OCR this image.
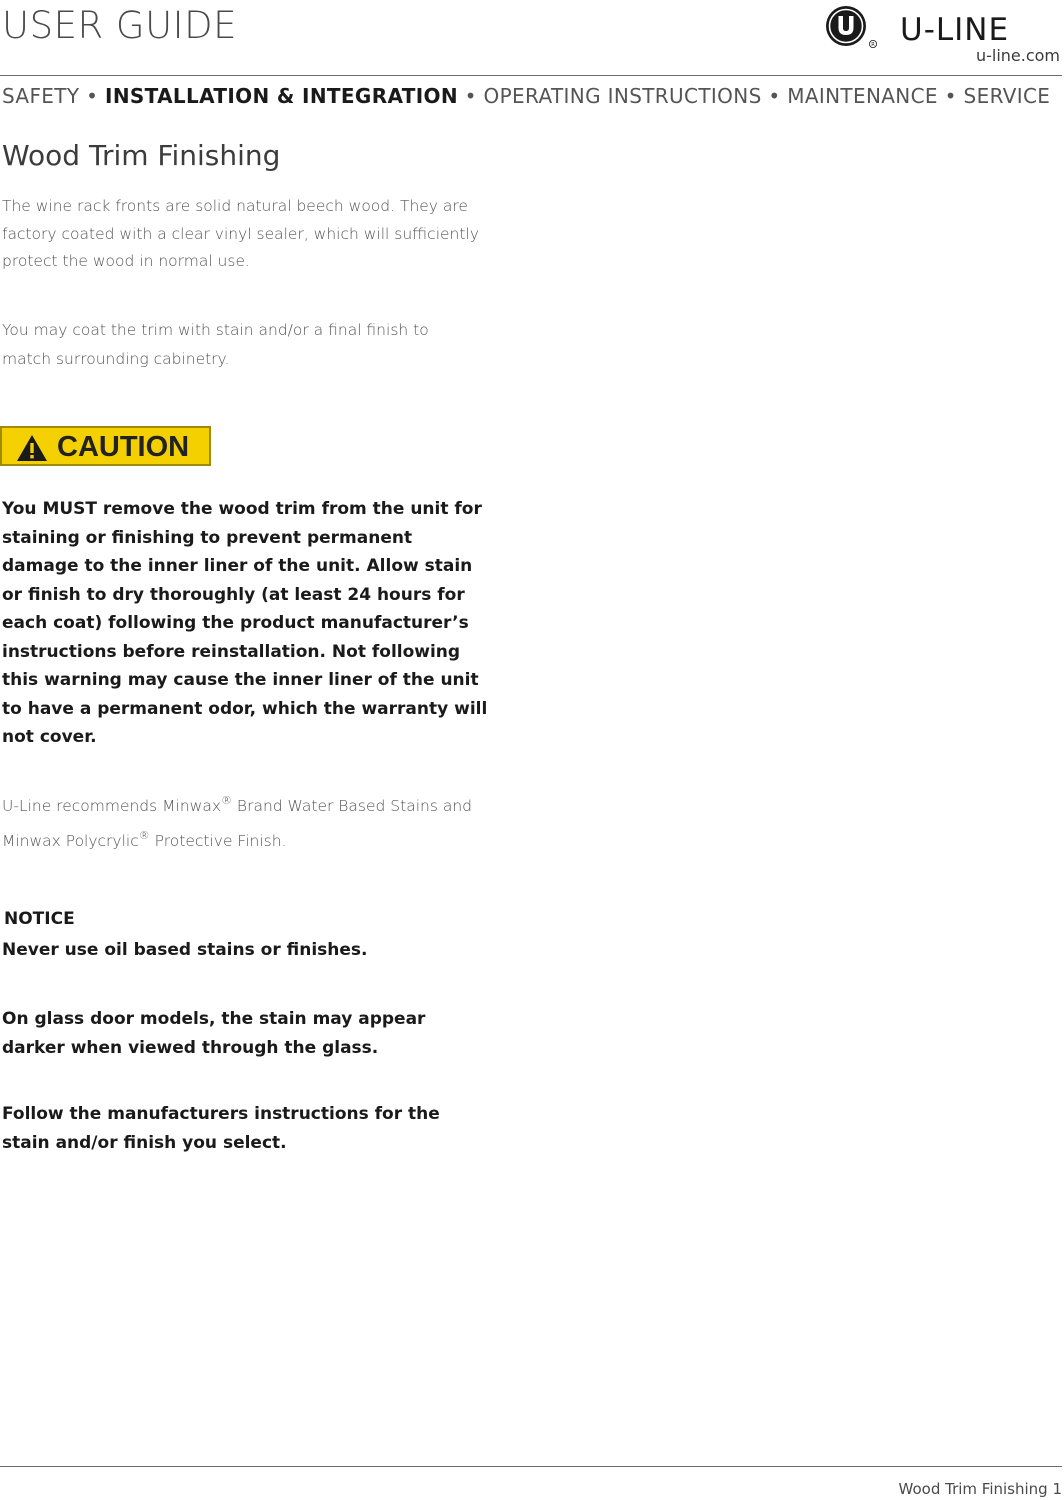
USER GUIDE	R U-LINE
u-line.com
SAFETY • INSTALLATION & INTEGRATION • OPERATING INSTRUCTIONS • MAINTENANCE • SERVICE
Wood Trim Finishing

The wine rack fronts are solid natural beech wood. They are factory coated with a clear vinyl sealer, which will sufficiently protect the wood in normal use.

You may coat the trim with stain and/or a final finish to match surrounding cabinetry.

CAUTION

You MUST remove the wood trim from the unit for staining or finishing to prevent permanent damage to the inner liner of the unit. Allow stain or finish to dry thoroughly (at least 24 hours for each coat) following the product manufacturer’s instructions before reinstallation. Not following this warning may cause the inner liner of the unit to have a permanent odor, which the warranty will not cover.

U-Line recommends Minwax® Brand Water Based Stains and Minwax Polycrylic® Protective Finish.

NOTICE

Never use oil based stains or finishes.

On glass door models, the stain may appear darker when viewed through the glass.

Follow the manufacturers instructions for the stain and/or finish you select.

Wood Trim Finishing 1
